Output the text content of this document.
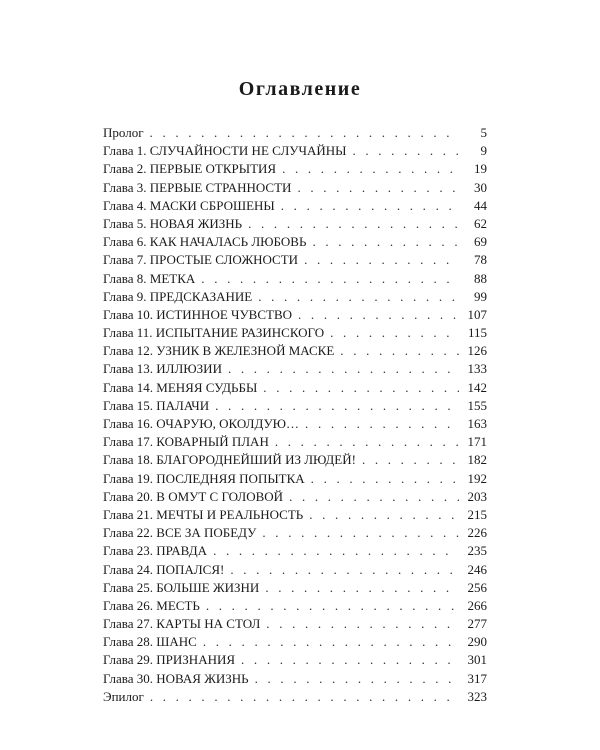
Оглавление
Пролог . . .	5
Глава 1. СЛУЧАЙНОСТИ НЕ СЛУЧАЙНЫ . . .	9
Глава 2. ПЕРВЫЕ ОТКРЫТИЯ . . .	19
Глава 3. ПЕРВЫЕ СТРАННОСТИ . . .	30
Глава 4. МАСКИ СБРОШЕНЫ . . .	44
Глава 5. НОВАЯ ЖИЗНЬ . . .	62
Глава 6. КАК НАЧАЛАСЬ ЛЮБОВЬ . . .	69
Глава 7. ПРОСТЫЕ СЛОЖНОСТИ . . .	78
Глава 8. МЕТКА . . .	88
Глава 9. ПРЕДСКАЗАНИЕ . . .	99
Глава 10. ИСТИННОЕ ЧУВСТВО . . .	107
Глава 11. ИСПЫТАНИЕ РАЗИНСКОГО . . .	115
Глава 12. УЗНИК В ЖЕЛЕЗНОЙ МАСКЕ . . .	126
Глава 13. ИЛЛЮЗИИ . . .	133
Глава 14. МЕНЯЯ СУДЬБЫ . . .	142
Глава 15. ПАЛАЧИ . . .	155
Глава 16. ОЧАРУЮ, ОКОЛДУЮ… . . .	163
Глава 17. КОВАРНЫЙ ПЛАН . . .	171
Глава 18. БЛАГОРОДНЕЙШИЙ ИЗ ЛЮДЕЙ! . . .	182
Глава 19. ПОСЛЕДНЯЯ ПОПЫТКА . . .	192
Глава 20. В ОМУТ С ГОЛОВОЙ . . .	203
Глава 21. МЕЧТЫ И РЕАЛЬНОСТЬ . . .	215
Глава 22. ВСЕ ЗА ПОБЕДУ . . .	226
Глава 23. ПРАВДА . . .	235
Глава 24. ПОПАЛСЯ! . . .	246
Глава 25. БОЛЬШЕ ЖИЗНИ . . .	256
Глава 26. МЕСТЬ . . .	266
Глава 27. КАРТЫ НА СТОЛ . . .	277
Глава 28. ШАНС . . .	290
Глава 29. ПРИЗНАНИЯ . . .	301
Глава 30. НОВАЯ ЖИЗНЬ . . .	317
Эпилог . . .	323
